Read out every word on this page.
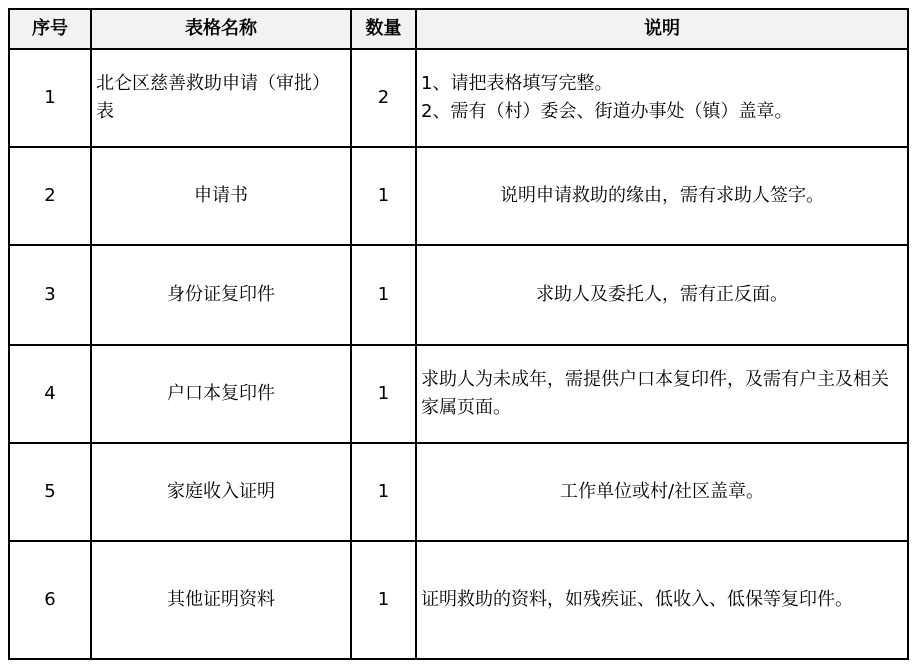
序号	表格名称	数量	说明
1	北仑区慈善救助申请（审批）表	2	1、请把表格填写完整。
2、需有（村）委会、街道办事处（镇）盖章。

2	申请书	1	说明申请救助的缘由，需有求助人签字。
3	身份证复印件	1	求助人及委托人，需有正反面。
4	户口本复印件	1	求助人为未成年，需提供户口本复印件，及需有户主及相关家属页面。
5	家庭收入证明	1	工作单位或村/社区盖章。
6	其他证明资料	1	证明救助的资料，如残疾证、低收入、低保等复印件。
